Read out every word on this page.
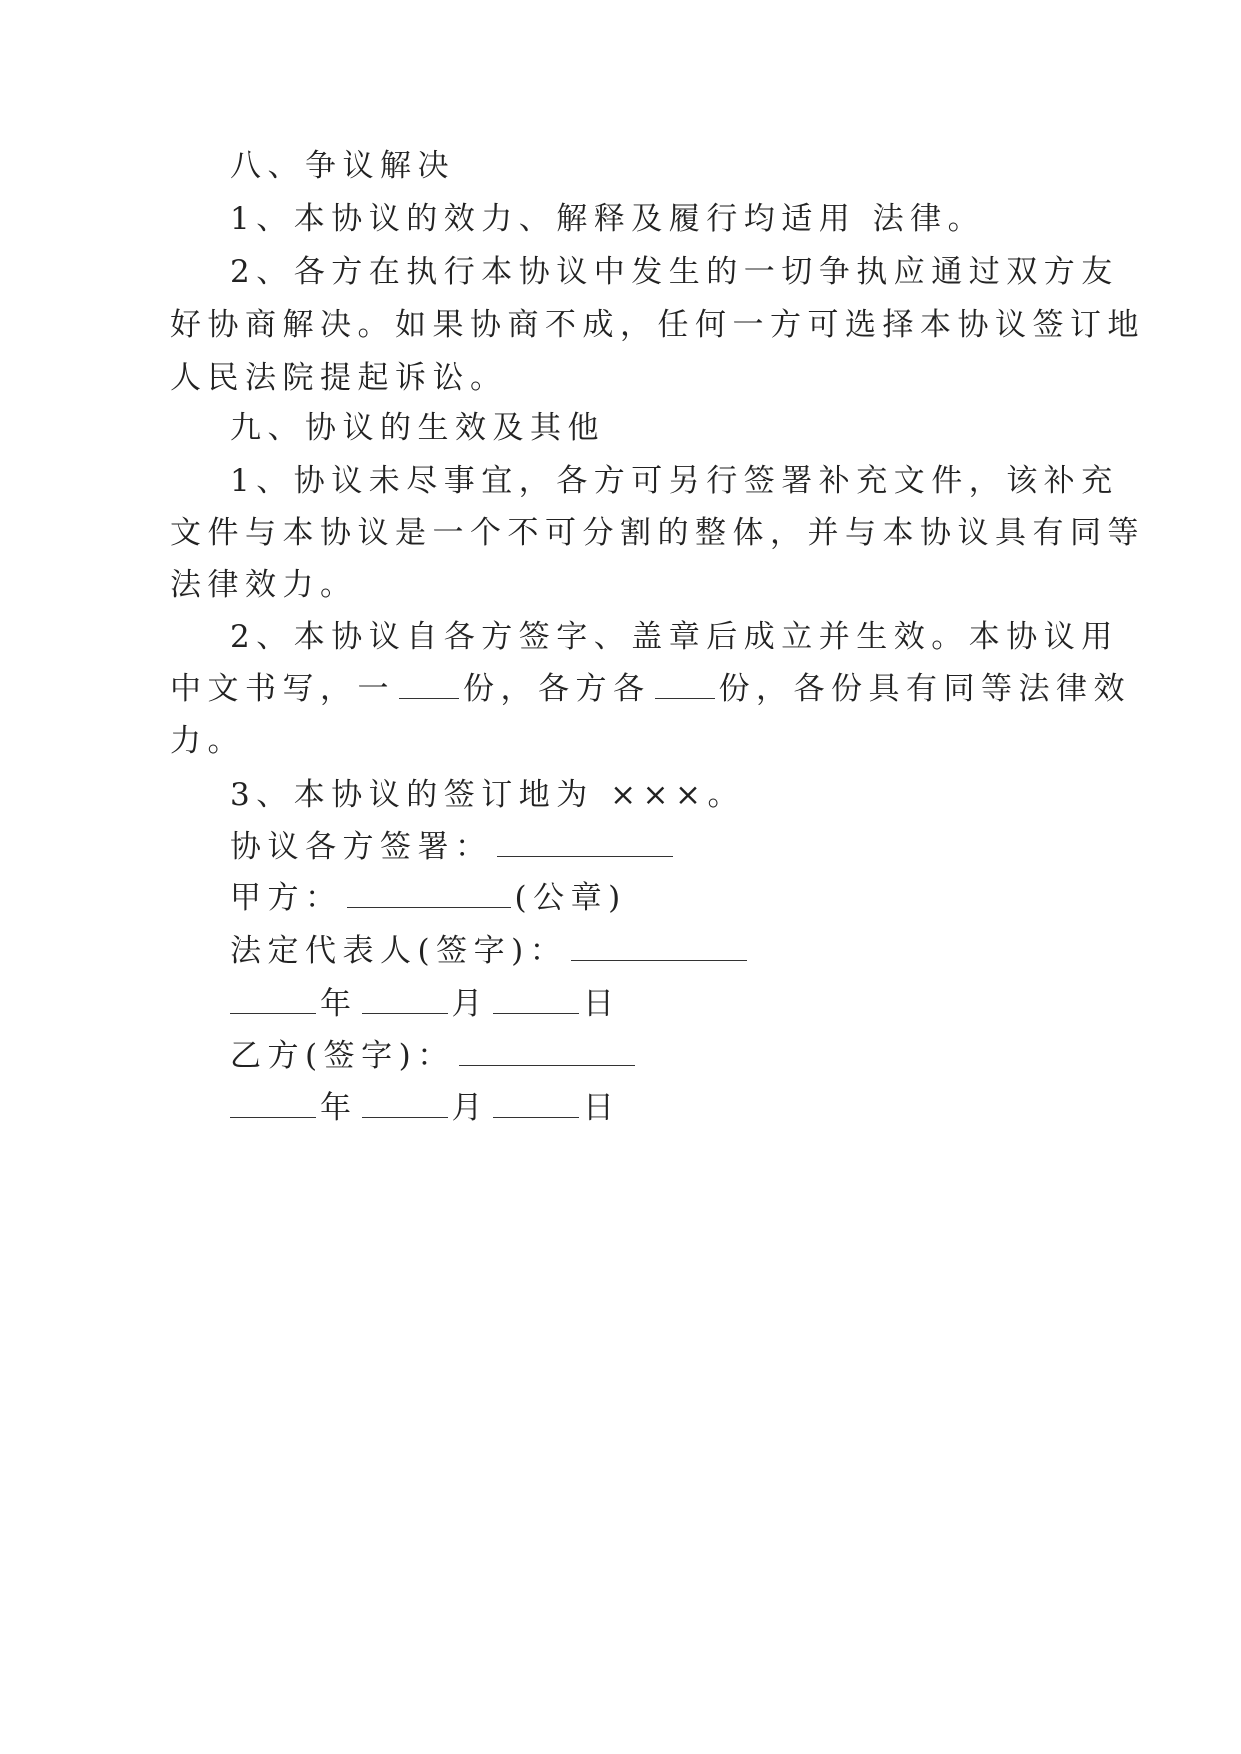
八、争议解决
1、本协议的效力、解释及履行均适用 法律。
2、各方在执行本协议中发生的一切争执应通过双方友
好协商解决。如果协商不成，任何一方可选择本协议签订地
人民法院提起诉讼。
九、协议的生效及其他
1、协议未尽事宜，各方可另行签署补充文件，该补充
文件与本协议是一个不可分割的整体，并与本协议具有同等
法律效力。
2、本协议自各方签字、盖章后成立并生效。本协议用
中文书写，一 份，各方各 份，各份具有同等法律效
力。
3、本协议的签订地为 ×××。
协议各方签署：
甲方：	(公章)
法定代表人(签字)：
年	月	日
乙方(签字)：
年	月	日
